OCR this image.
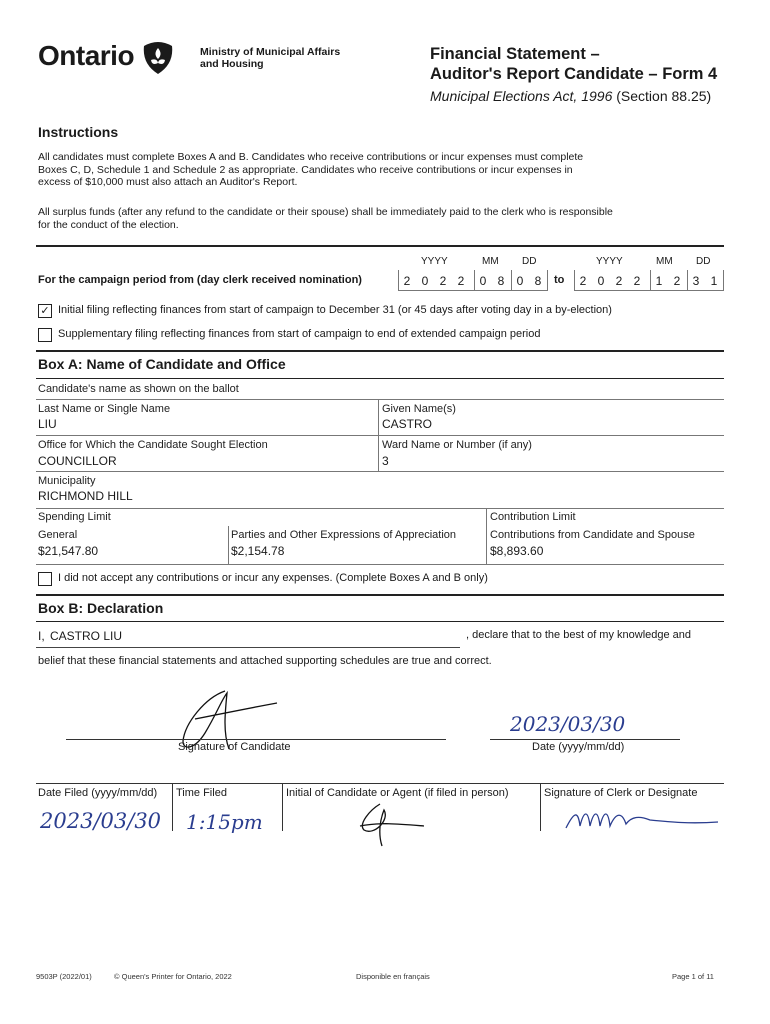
Ontario	Ministry of Municipal Affairs
and Housing
Financial Statement –
Auditor's Report Candidate – Form 4
Municipal Elections Act, 1996 (Section 88.25)
Instructions
All candidates must complete Boxes A and B. Candidates who receive contributions or incur expenses must complete
Boxes C, D, Schedule 1 and Schedule 2 as appropriate. Candidates who receive contributions or incur expenses in
excess of $10,000 must also attach an Auditor's Report.
All surplus funds (after any refund to the candidate or their spouse) shall be immediately paid to the clerk who is responsible
for the conduct of the election.
YYYY	MM DD	YYYY	MM DD
For the campaign period from (day clerk received nomination)	2 0 2 2	0 8	0 8	to	2 0 2 2	1 2	3 1
✓ Initial filing reflecting finances from start of campaign to December 31 (or 45 days after voting day in a by-election)
Supplementary filing reflecting finances from start of campaign to end of extended campaign period
Box A: Name of Candidate and Office
Candidate's name as shown on the ballot
Last Name or Single Name
LIU
Given Name(s)
CASTRO
Office for Which the Candidate Sought Election
COUNCILLOR
Ward Name or Number (if any)
3
Municipality
RICHMOND HILL
Spending Limit
General
$21,547.80
Parties and Other Expressions of Appreciation
$2,154.78
Contribution Limit
Contributions from Candidate and Spouse
$8,893.60
I did not accept any contributions or incur any expenses. (Complete Boxes A and B only)
Box B: Declaration
I, CASTRO LIU	, declare that to the best of my knowledge and
belief that these financial statements and attached supporting schedules are true and correct.
Signature of Candidate
2023/03/30
Date (yyyy/mm/dd)
Date Filed (yyyy/mm/dd) Time Filed	Initial of Candidate or Agent (if filed in person)	Signature of Clerk or Designate
2023/03/30 1:15pm
9503P (2022/01)	© Queen's Printer for Ontario, 2022	Disponible en français	Page 1 of 11
